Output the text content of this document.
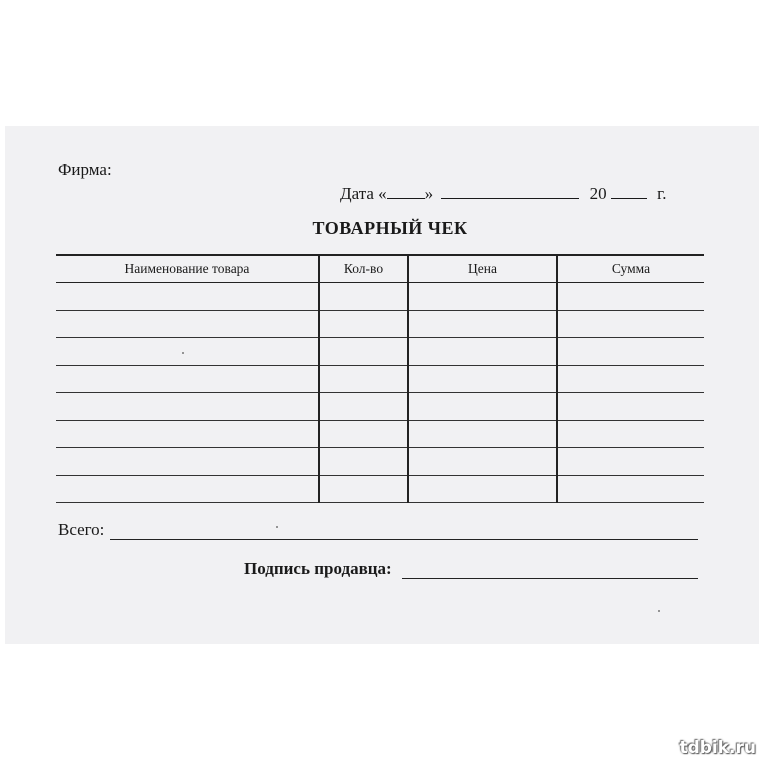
Фирма:
Дата « »	20	г.
ТОВАРНЫЙ ЧЕК
Наименование товара	Кол-во	Цена	Сумма

Всего:
Подпись продавца:
tdbik.ru
